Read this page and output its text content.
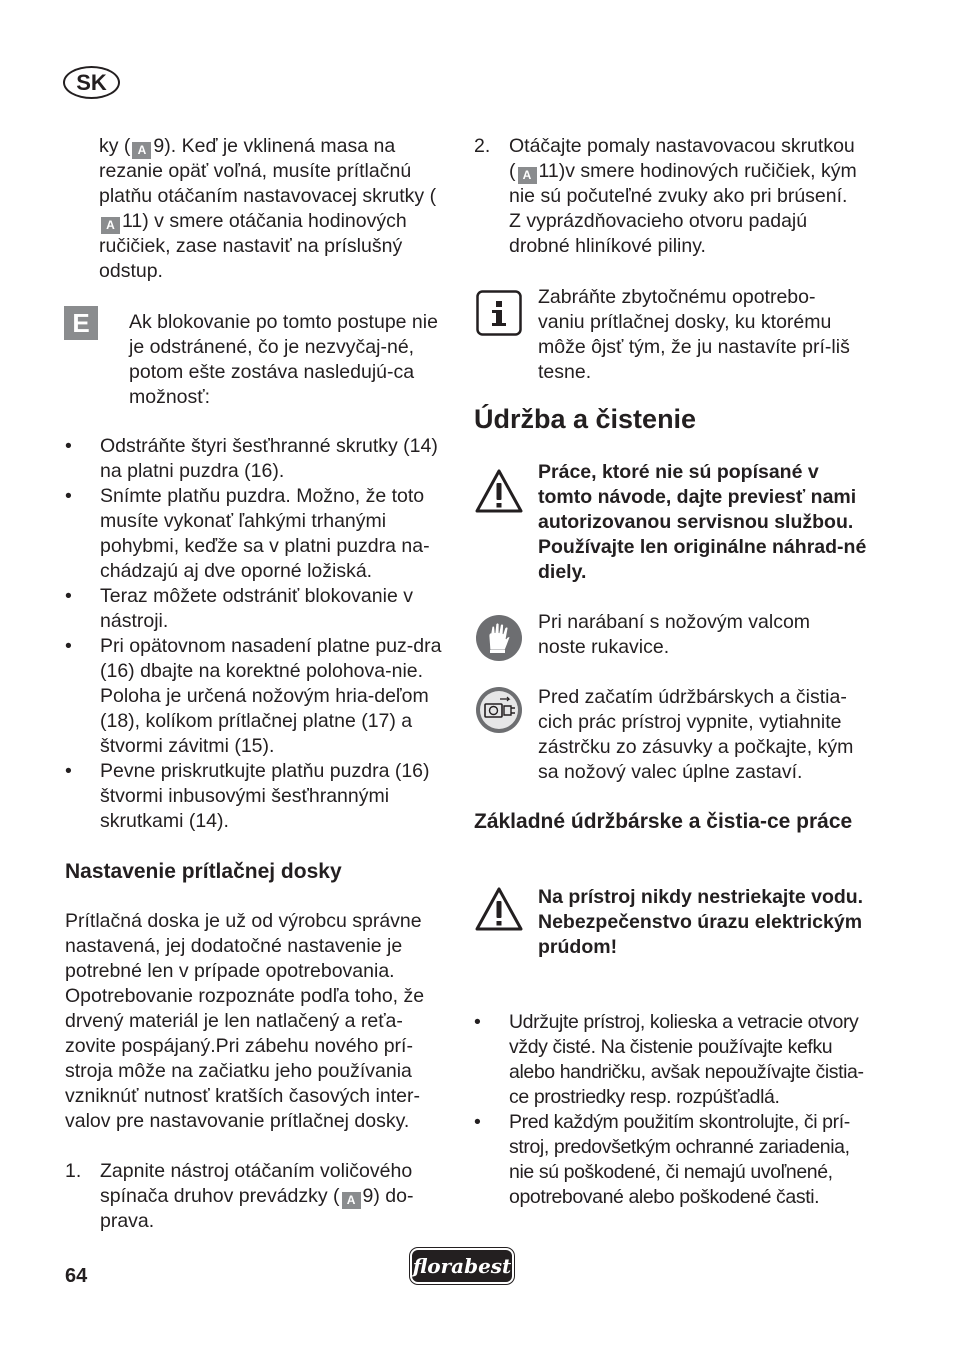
SK

ky ( A 9). Keď je vklinená masa na rezanie opäť voľná, musíte prítlačnú platňu otáčaním nastavovacej skrutky (A 11) v smere otáčania hodinových ručičiek, zase nastaviť na príslušný odstup.

E	Ak blokovanie po tomto postupe nie je odstránené, čo je nezvyčaj-né, potom ešte zostáva nasledujú-ca možnosť:

• Odstráňte štyri šesťhranné skrutky (14) na platni puzdra (16).
• Snímte platňu puzdra. Možno, že toto musíte vykonať ľahkými trhanými pohybmi, keďže sa v platni puzdra na-chádzajú aj dve oporné ložiská.
• Teraz môžete odstrániť blokovanie v nástroji.
• Pri opätovnom nasadení platne puz-dra (16) dbajte na korektné polohova-nie. Poloha je určená nožovým hria-deľom (18), kolíkom prítlačnej platne (17) a štvormi závitmi (15).
• Pevne priskrutkujte platňu puzdra (16) štvormi inbusovými šesťhrannými skrutkami (14).
Nastavenie prítlačnej dosky

Prítlačná doska je už od výrobcu správne nastavená, jej dodatočné nastavenie je potrebné len v prípade opotrebovania. Opotrebovanie rozpoznáte podľa toho, že drvený materiál je len natlačený a reťa-zovite pospájaný.Pri zábehu nového prí-stroja môže na začiatku jeho používania vzniknúť nutnosť kratších časových inter-valov pre nastavovanie prítlačnej dosky.

1. Zapnite nástroj otáčaním voličového spínača druhov prevádzky ( A 9) do-prava.
2. Otáčajte pomaly nastavovacou skrutkou ( A 11)v smere hodinových ručičiek, kým nie sú počuteľné zvuky ako pri brúsení. Z vyprázdňovacieho otvoru padajú drobné hliníkové piliny.

Zabráňte zbytočnému opotrebo-vaniu prítlačnej dosky, ku ktorému môže ôjsť tým, že ju nastavíte prí-liš tesne.

Údržba a čistenie

Práce, ktoré nie sú popísané v tomto návode, dajte previesť nami autorizovanou servisnou službou. Používajte len originálne náhrad-né diely.

Pri narábaní s nožovým valcom noste rukavice.

Pred začatím údržbárskych a čistia-cich prác prístroj vypnite, vytiahnite zástrčku zo zásuvky a počkajte, kým sa nožový valec úplne zastaví.

Základné údržbárske a čistia-ce práce

Na prístroj nikdy nestriekajte vodu.

Nebezpečenstvo úrazu elektrickým prúdom!

• Udržujte prístroj, kolieska a vetracie otvory vždy čisté. Na čistenie používajte kefku alebo handričku, avšak nepoužívajte čistia-ce prostriedky resp. rozpúšťadlá.
• Pred každým použitím skontrolujte, či prí-stroj, predovšetkým ochranné zariadenia, nie sú poškodené, či nemajú uvoľnené, opotrebované alebo poškodené časti.
64	florabest
